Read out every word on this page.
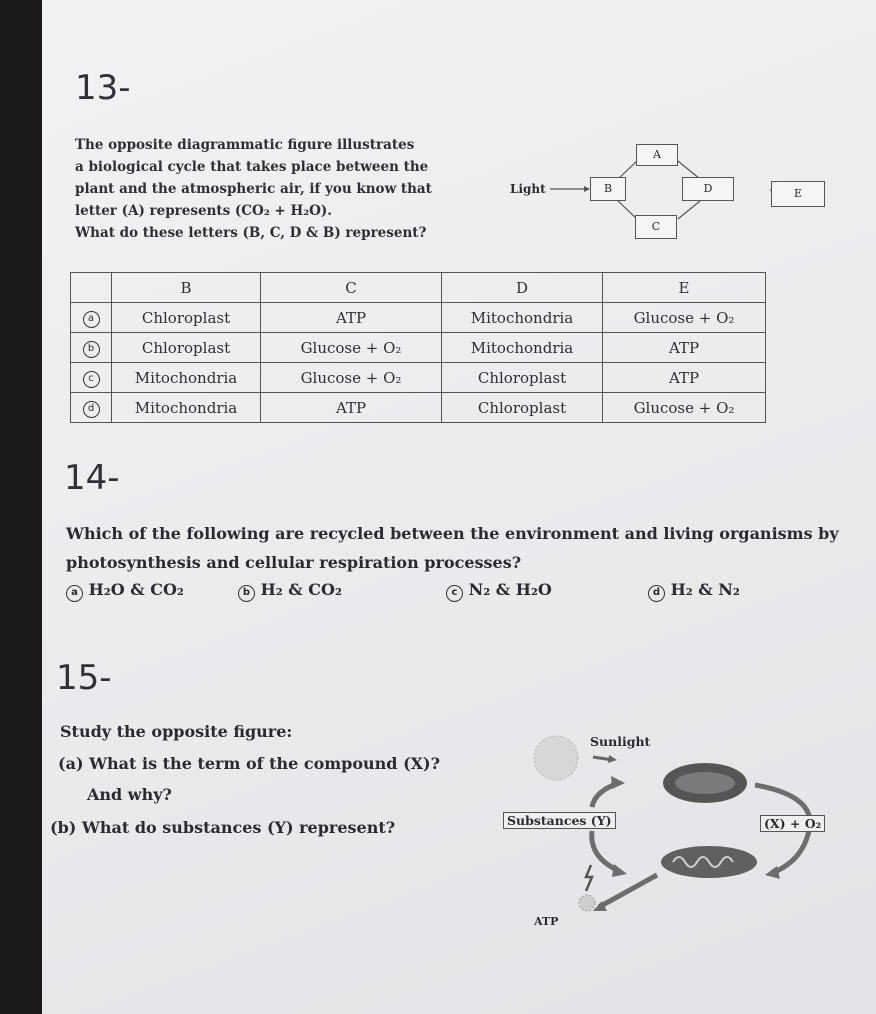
13-
The opposite diagrammatic figure illustrates
a biological cycle that takes place between the
plant and the atmospheric air, if you know that
letter (A) represents (CO₂ + H₂O).
What do these letters (B, C, D & B) represent?
Light
A
B
C
D	E
	B	C	D	E
a	Chloroplast	ATP	Mitochondria	Glucose + O₂
b	Chloroplast	Glucose + O₂	Mitochondria	ATP
c	Mitochondria	Glucose + O₂	Chloroplast	ATP
d	Mitochondria	ATP	Chloroplast	Glucose + O₂
14-
Which of the following are recycled between the environment and living organisms by
photosynthesis and cellular respiration processes?
a H₂O & CO₂	b H₂ & CO₂	c N₂ & H₂O	d H₂ & N₂
15-
Study the opposite figure:
(a) What is the term of the compound (X)?
And why?
(b) What do substances (Y) represent?
Sunlight
Substances (Y)	(X) + O₂
ATP
